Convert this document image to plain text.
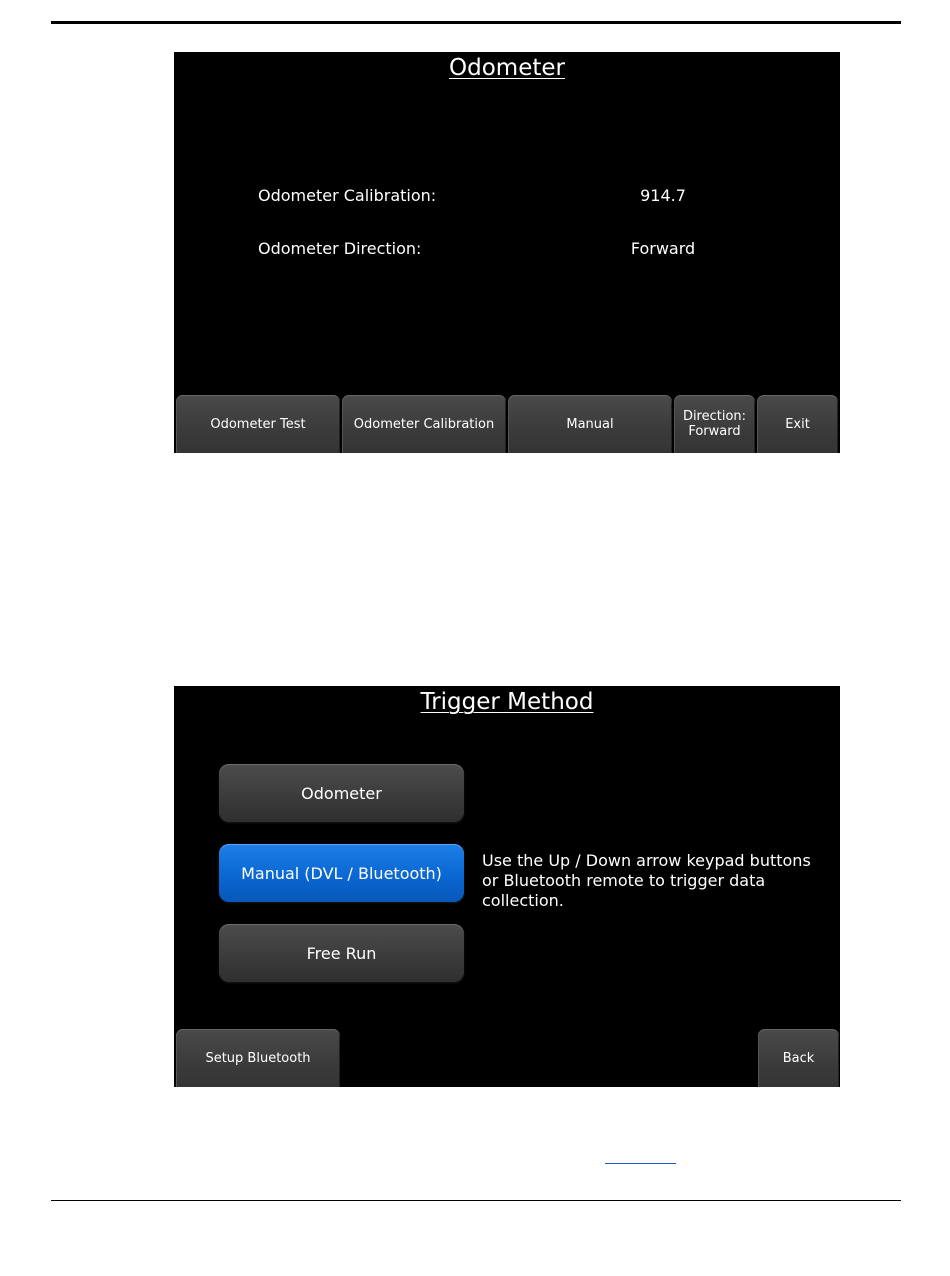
Odometer
Odometer Calibration:	914.7
Odometer Direction:	Forward
Odometer Test	Odometer Calibration	Manual	Direction:
Forward	Exit
Trigger Method
Odometer
Manual (DVL / Bluetooth)
Free Run
Use the Up / Down arrow keypad buttons or Bluetooth remote to trigger data collection.
Setup Bluetooth	Back
